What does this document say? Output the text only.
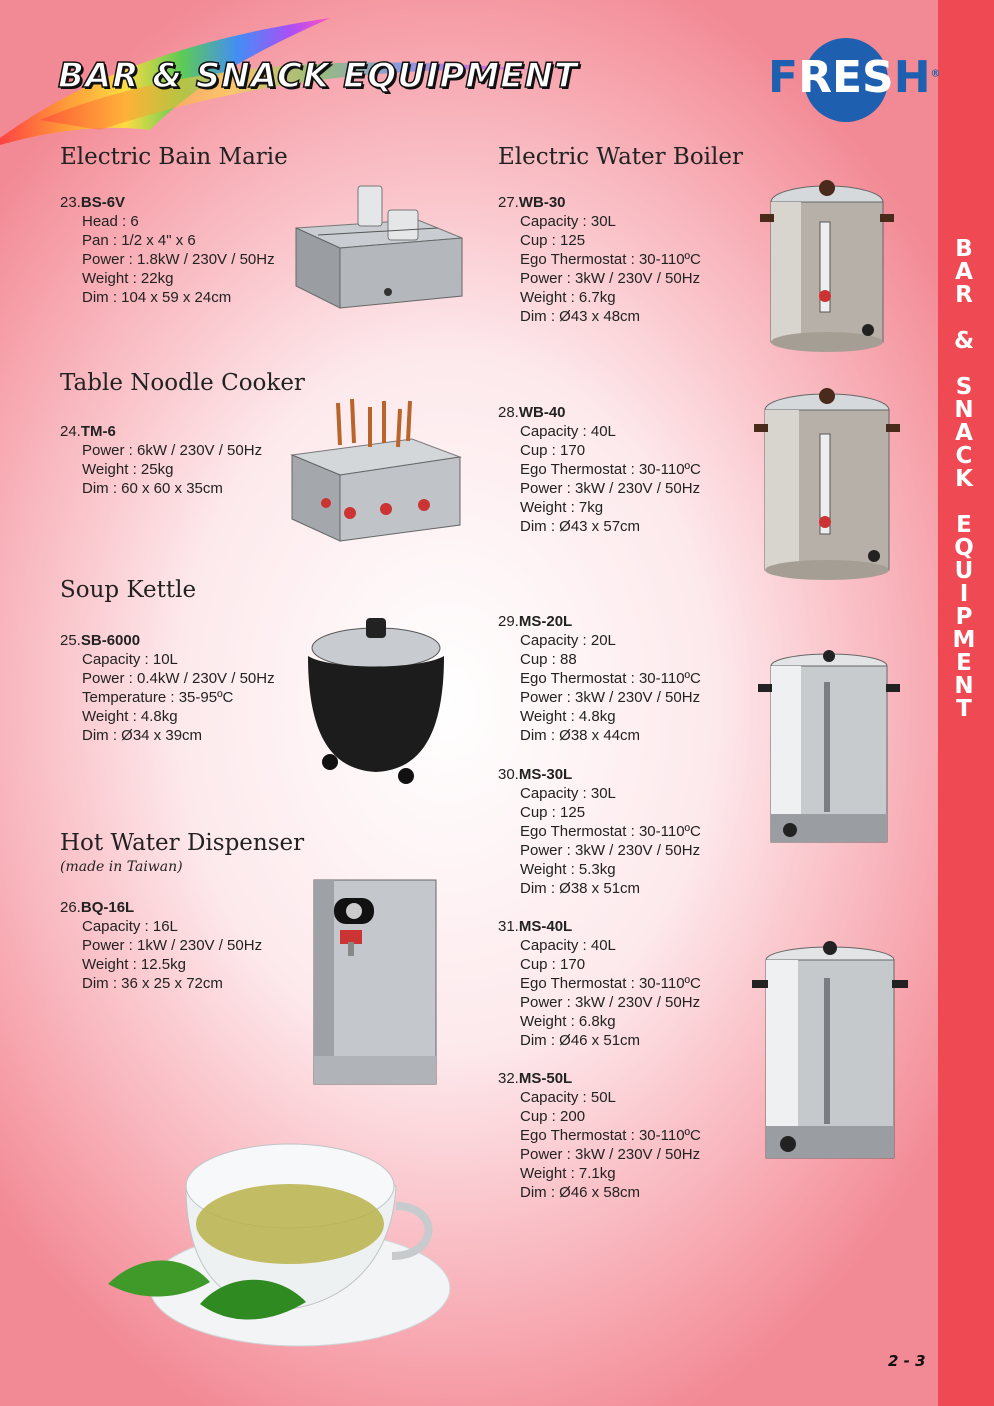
B
A
R

&

S
N
A
C
K

E
Q
U
I
P
M
E
N
T
BAR & SNACK EQUIPMENT	FRESH®
Electric Bain Marie
23.BS-6V
Head : 6
Pan : 1/2 x 4" x 6
Power : 1.8kW / 230V / 50Hz
Weight : 22kg
Dim : 104 x 59 x 24cm
Table Noodle Cooker
24.TM-6
Power : 6kW / 230V / 50Hz
Weight : 25kg
Dim : 60 x 60 x 35cm
Soup Kettle
25.SB-6000
Capacity : 10L
Power : 0.4kW / 230V / 50Hz
Temperature : 35-95ºC
Weight : 4.8kg
Dim : Ø34 x 39cm
Hot Water Dispenser
(made in Taiwan)
26.BQ-16L
Capacity : 16L
Power : 1kW / 230V / 50Hz
Weight : 12.5kg
Dim : 36 x 25 x 72cm
Electric Water Boiler
27.WB-30
Capacity : 30L
Cup : 125
Ego Thermostat : 30-110ºC
Power : 3kW / 230V / 50Hz
Weight : 6.7kg
Dim : Ø43 x 48cm
28.WB-40
Capacity : 40L
Cup : 170
Ego Thermostat : 30-110ºC
Power : 3kW / 230V / 50Hz
Weight : 7kg
Dim : Ø43 x 57cm
29.MS-20L
Capacity : 20L
Cup : 88
Ego Thermostat : 30-110ºC
Power : 3kW / 230V / 50Hz
Weight : 4.8kg
Dim : Ø38 x 44cm
30.MS-30L
Capacity : 30L
Cup : 125
Ego Thermostat : 30-110ºC
Power : 3kW / 230V / 50Hz
Weight : 5.3kg
Dim : Ø38 x 51cm
31.MS-40L
Capacity : 40L
Cup : 170
Ego Thermostat : 30-110ºC
Power : 3kW / 230V / 50Hz
Weight : 6.8kg
Dim : Ø46 x 51cm
32.MS-50L
Capacity : 50L
Cup : 200
Ego Thermostat : 30-110ºC
Power : 3kW / 230V / 50Hz
Weight : 7.1kg
Dim : Ø46 x 58cm
2 - 3
